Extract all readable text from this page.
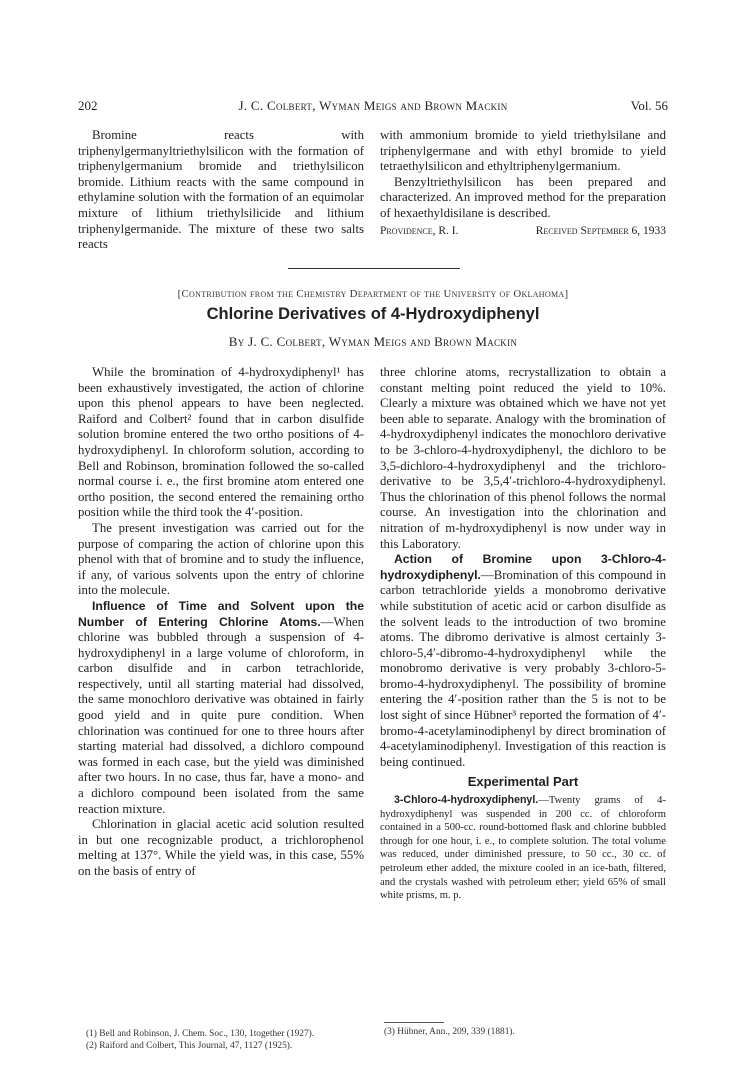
202	J. C. Colbert, Wyman Meigs and Brown Mackin	Vol. 56

Bromine reacts with triphenylgermanyltriethylsilicon with the formation of triphenylgermanium bromide and triethylsilicon bromide. Lithium reacts with the same compound in ethylamine solution with the formation of an equimolar mixture of lithium triethylsilicide and lithium triphenylgermanide. The mixture of these two salts reacts

with ammonium bromide to yield triethylsilane and triphenylgermane and with ethyl bromide to yield tetraethylsilicon and ethyltriphenylgermanium.

Benzyltriethylsilicon has been prepared and characterized. An improved method for the preparation of hexaethyldisilane is described.

Providence, R. I.	Received September 6, 1933
[Contribution from the Chemistry Department of the University of Oklahoma]
Chlorine Derivatives of 4-Hydroxydiphenyl
By J. C. Colbert, Wyman Meigs and Brown Mackin

While the bromination of 4-hydroxydiphenyl¹ has been exhaustively investigated, the action of chlorine upon this phenol appears to have been neglected. Raiford and Colbert² found that in carbon disulfide solution bromine entered the two ortho positions of 4-hydroxydiphenyl. In chloroform solution, according to Bell and Robinson, bromination followed the so-called normal course i. e., the first bromine atom entered one ortho position, the second entered the remaining ortho position while the third took the 4′-position.

The present investigation was carried out for the purpose of comparing the action of chlorine upon this phenol with that of bromine and to study the influence, if any, of various solvents upon the entry of chlorine into the molecule.

Influence of Time and Solvent upon the Number of Entering Chlorine Atoms.—When chlorine was bubbled through a suspension of 4-hydroxydiphenyl in a large volume of chloroform, in carbon disulfide and in carbon tetrachloride, respectively, until all starting material had dissolved, the same monochloro derivative was obtained in fairly good yield and in quite pure condition. When chlorination was continued for one to three hours after starting material had dissolved, a dichloro compound was formed in each case, but the yield was diminished after two hours. In no case, thus far, have a mono- and a dichloro compound been isolated from the same reaction mixture.

Chlorination in glacial acetic acid solution resulted in but one recognizable product, a trichlorophenol melting at 137°. While the yield was, in this case, 55% on the basis of entry of

three chlorine atoms, recrystallization to obtain a constant melting point reduced the yield to 10%. Clearly a mixture was obtained which we have not yet been able to separate. Analogy with the bromination of 4-hydroxydiphenyl indicates the monochloro derivative to be 3-chloro-4-hydroxydiphenyl, the dichloro to be 3,5-dichloro-4-hydroxydiphenyl and the trichloro-derivative to be 3,5,4′-trichloro-4-hydroxydiphenyl. Thus the chlorination of this phenol follows the normal course. An investigation into the chlorination and nitration of m-hydroxydiphenyl is now under way in this Laboratory.

Action of Bromine upon 3-Chloro-4-hydroxydiphenyl.—Bromination of this compound in carbon tetrachloride yields a monobromo derivative while substitution of acetic acid or carbon disulfide as the solvent leads to the introduction of two bromine atoms. The dibromo derivative is almost certainly 3-chloro-5,4′-dibromo-4-hydroxydiphenyl while the monobromo derivative is very probably 3-chloro-5-bromo-4-hydroxydiphenyl. The possibility of bromine entering the 4′-position rather than the 5 is not to be lost sight of since Hübner³ reported the formation of 4′-bromo-4-acetylaminodiphenyl by direct bromination of 4-acetylaminodiphenyl. Investigation of this reaction is being continued.

Experimental Part

3-Chloro-4-hydroxydiphenyl.—Twenty grams of 4-hydroxydiphenyl was suspended in 200 cc. of chloroform contained in a 500-cc. round-bottomed flask and chlorine bubbled through for one hour, i. e., to complete solution. The total volume was reduced, under diminished pressure, to 50 cc., 30 cc. of petroleum ether added, the mixture cooled in an ice-bath, filtered, and the crystals washed with petroleum ether; yield 65% of small white prisms, m. p.

(1) Bell and Robinson, J. Chem. Soc., 130, 1together (1927).
(2) Raiford and Colbert, This Journal, 47, 1127 (1925).
(3) Hübner, Ann., 209, 339 (1881).
